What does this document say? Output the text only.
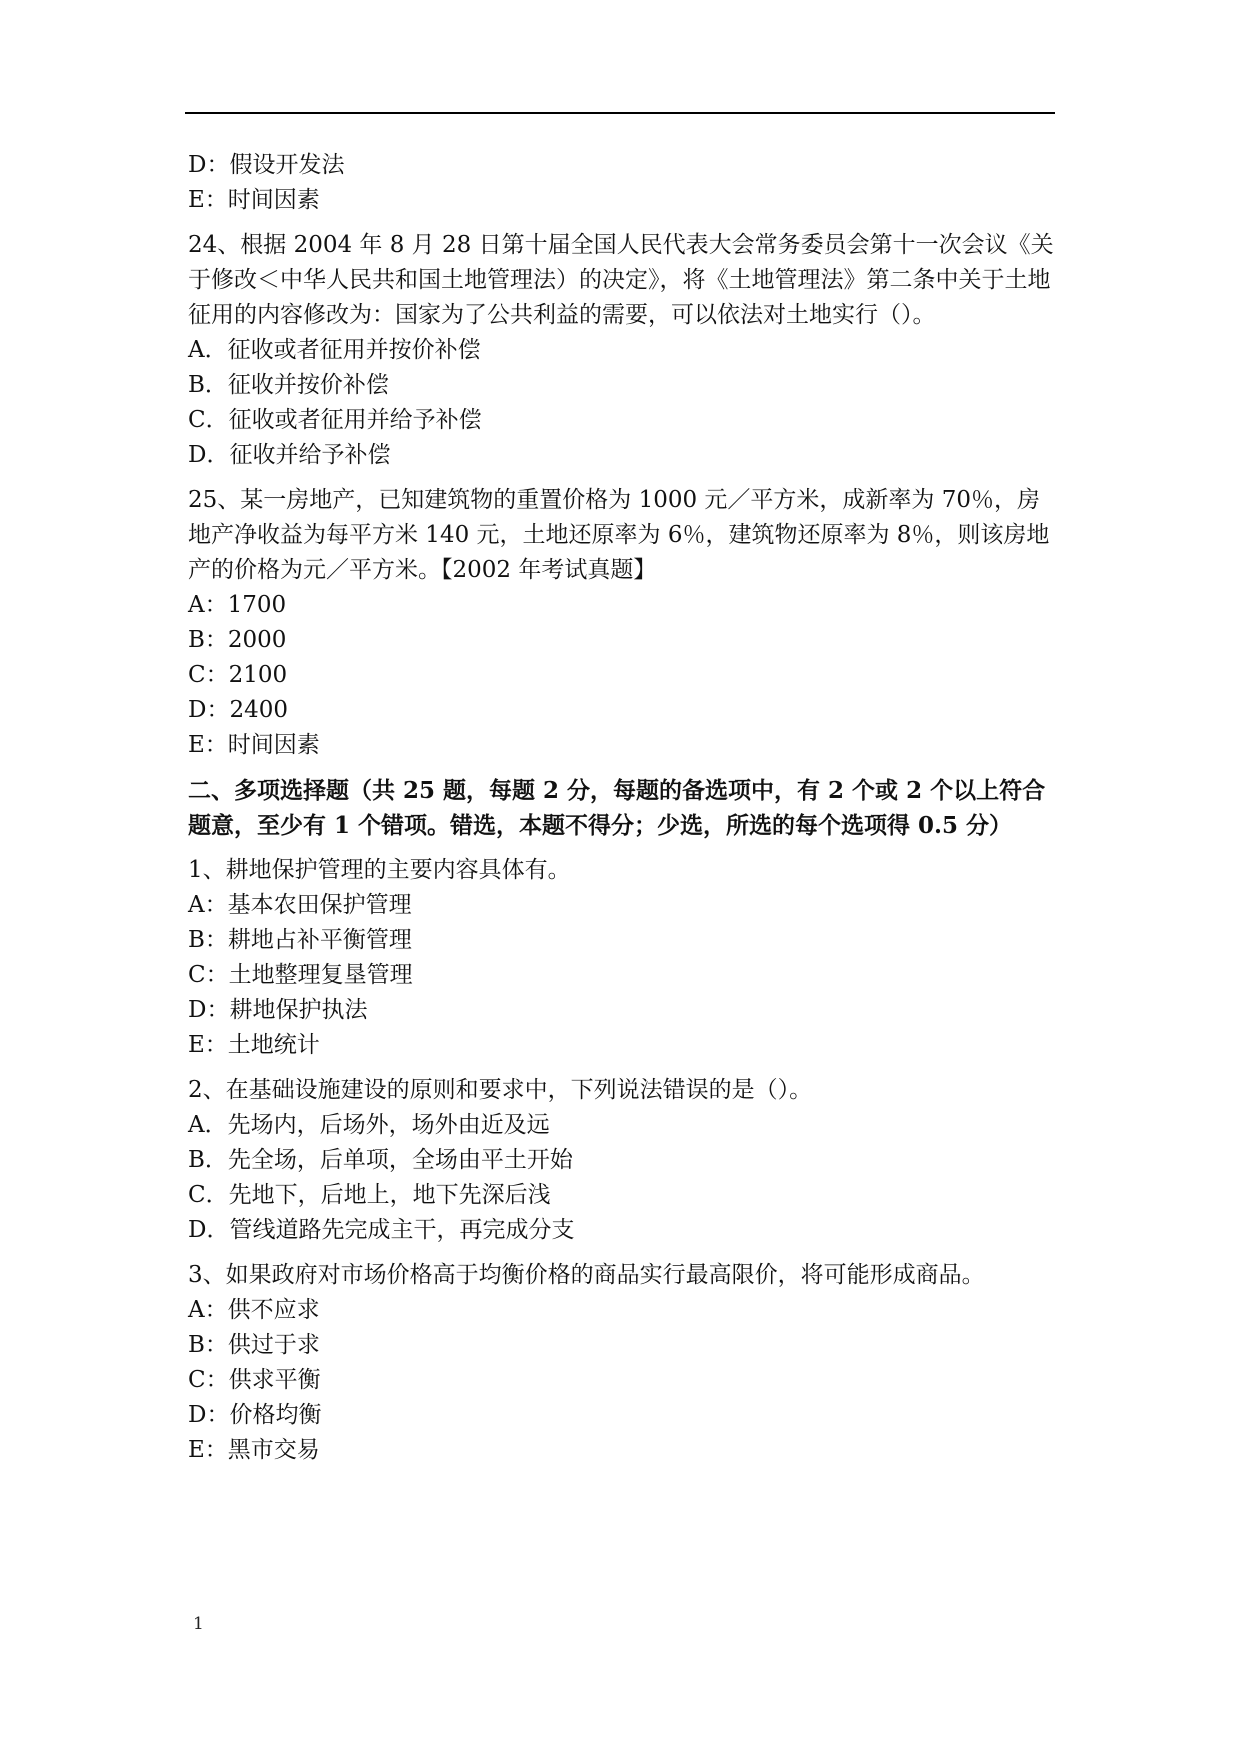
D：假设开发法
E：时间因素
24、根据 2004 年 8 月 28 日第十届全国人民代表大会常务委员会第十一次会议《关于修改＜中华人民共和国土地管理法）的决定》，将《土地管理法》第二条中关于土地征用的内容修改为：国家为了公共利益的需要，可以依法对土地实行（）。
A．征收或者征用并按价补偿
B．征收并按价补偿
C．征收或者征用并给予补偿
D．征收并给予补偿
25、某一房地产，已知建筑物的重置价格为 1000 元／平方米，成新率为 70％，房地产净收益为每平方米 140 元，土地还原率为 6％，建筑物还原率为 8％，则该房地产的价格为元／平方米。【2002 年考试真题】
A：1700
B：2000
C：2100
D：2400
E：时间因素
二、多项选择题（共 25 题，每题 2 分，每题的备选项中，有 2 个或 2 个以上符合题意，至少有 1 个错项。错选，本题不得分；少选，所选的每个选项得 0.5 分）
1、耕地保护管理的主要内容具体有。
A：基本农田保护管理
B：耕地占补平衡管理
C：土地整理复垦管理
D：耕地保护执法
E：土地统计
2、在基础设施建设的原则和要求中，下列说法错误的是（）。
A．先场内，后场外，场外由近及远
B．先全场，后单项，全场由平土开始
C．先地下，后地上，地下先深后浅
D．管线道路先完成主干，再完成分支
3、如果政府对市场价格高于均衡价格的商品实行最高限价，将可能形成商品。
A：供不应求
B：供过于求
C：供求平衡
D：价格均衡
E：黑市交易
1
